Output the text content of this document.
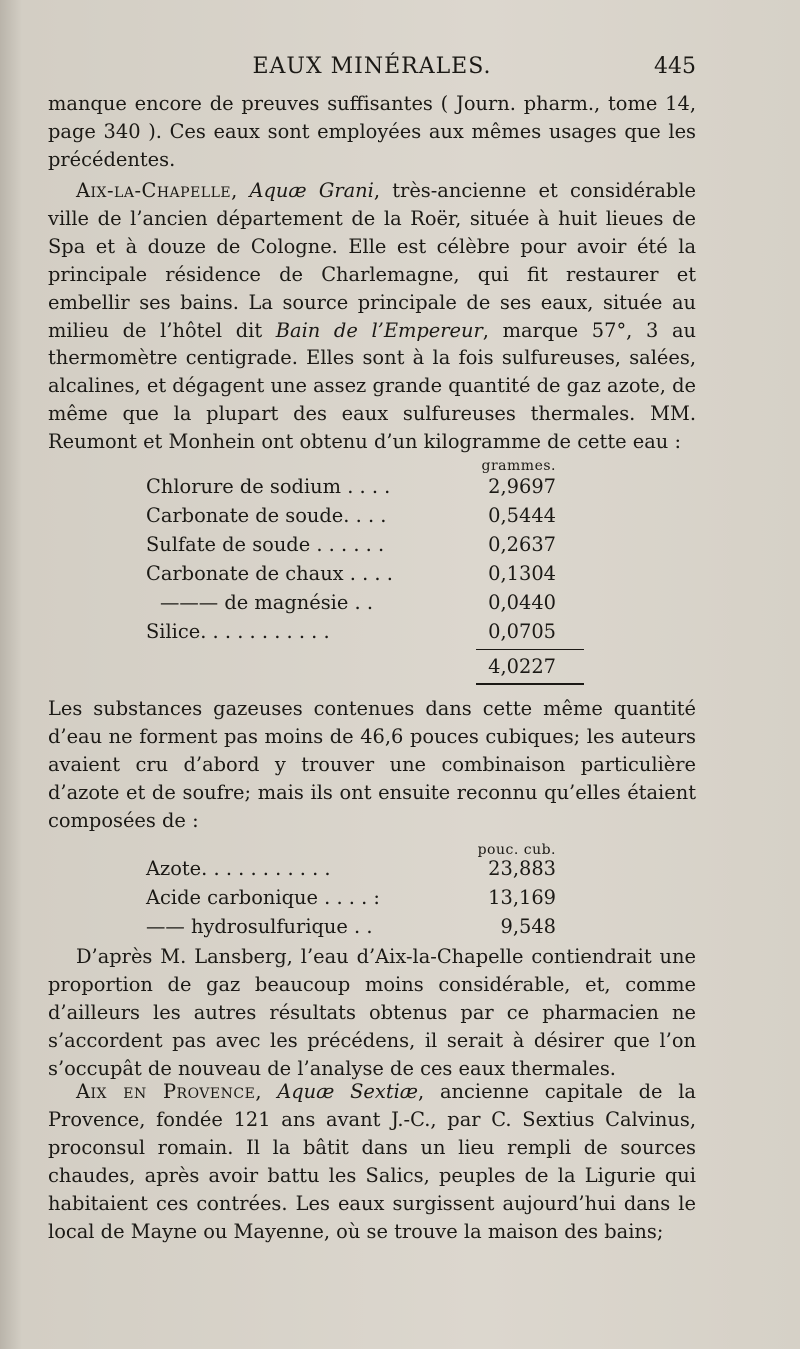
EAUX MINÉRALES.	445

manque encore de preuves suffisantes ( Journ. pharm., tome 14, page 340 ). Ces eaux sont employées aux mêmes usages que les précédentes.

Aix-la-Chapelle, Aquæ Grani, très-ancienne et considérable ville de l’ancien département de la Roër, située à huit lieues de Spa et à douze de Cologne. Elle est célèbre pour avoir été la principale résidence de Charlemagne, qui fit restaurer et embellir ses bains. La source principale de ses eaux, située au milieu de l’hôtel dit Bain de l’Empereur, marque 57°, 3 au thermomètre centigrade. Elles sont à la fois sulfureuses, salées, alcalines, et dégagent une assez grande quantité de gaz azote, de même que la plupart des eaux sulfureuses thermales. MM. Reumont et Monhein ont obtenu d’un kilogramme de cette eau :

grammes.
Chlorure de sodium . . . .	2,9697
Carbonate de soude. . . .	0,5444
Sulfate de soude . . . . . .	0,2637
Carbonate de chaux . . . .	0,1304
——— de magnésie . .	0,0440
Silice. . . . . . . . . . .	0,0705
4,0227

Les substances gazeuses contenues dans cette même quantité d’eau ne forment pas moins de 46,6 pouces cubiques; les auteurs avaient cru d’abord y trouver une combinaison particulière d’azote et de soufre; mais ils ont ensuite reconnu qu’elles étaient composées de :

pouc. cub.
Azote. . . . . . . . . . .	23,883
Acide carbonique . . . . :	13,169
—— hydrosulfurique . .	9,548

D’après M. Lansberg, l’eau d’Aix-la-Chapelle contiendrait une proportion de gaz beaucoup moins considérable, et, comme d’ailleurs les autres résultats obtenus par ce pharmacien ne s’accordent pas avec les précédens, il serait à désirer que l’on s’occupât de nouveau de l’analyse de ces eaux thermales.

Aix en Provence, Aquæ Sextiæ, ancienne capitale de la Provence, fondée 121 ans avant J.-C., par C. Sextius Calvinus, proconsul romain. Il la bâtit dans un lieu rempli de sources chaudes, après avoir battu les Salics, peuples de la Ligurie qui habitaient ces contrées. Les eaux surgissent aujourd’hui dans le local de Mayne ou Mayenne, où se trouve la maison des bains;
